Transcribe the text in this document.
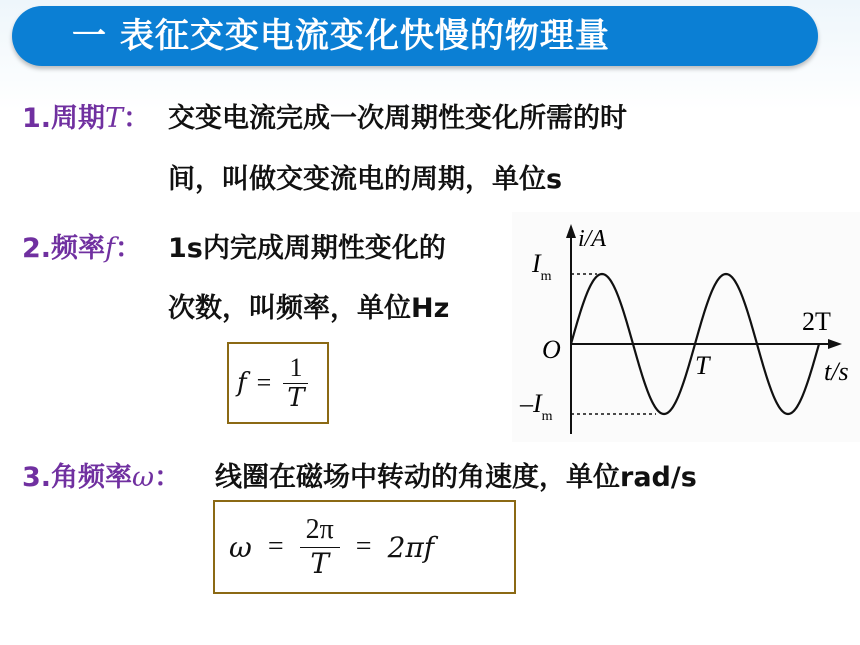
一 表征交变电流变化快慢的物理量
1.周期T： 交变电流完成一次周期性变化所需的时
间，叫做交变流电的周期，单位s
2.频率f： 1s内完成周期性变化的
次数，叫频率，单位Hz
$f = \frac{1}{T}$
i/A
$I_m$
O
T
2T
t/s
$-I_m$
3.角频率ω： 线圈在磁场中转动的角速度，单位rad/s
$\omega = \frac{2\pi}{T} = 2\pi f$
